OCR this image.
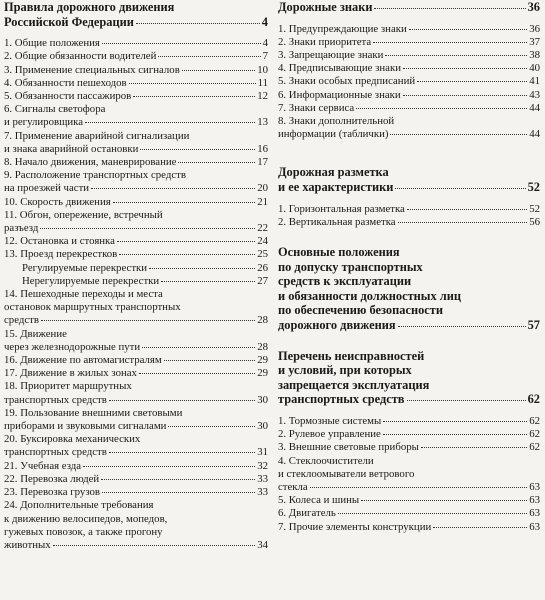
Правила дорожного движения
Российской Федерации	4
1. Общие положения	4
2. Общие обязанности водителей	7
3. Применение специальных сигналов	10
4. Обязанности пешеходов	11
5. Обязанности пассажиров	12
6. Сигналы светофора
и регулировщика	13
7. Применение аварийной сигнализации
и знака аварийной остановки	16
8. Начало движения, маневрирование	17
9. Расположение транспортных средств
на проезжей части	20
10. Скорость движения	21
11. Обгон, опережение, встречный
разъезд	22
12. Остановка и стоянка	24
13. Проезд перекрестков	25
Регулируемые перекрестки	26
Нерегулируемые перекрестки	27
14. Пешеходные переходы и места
остановок маршрутных транспортных
средств	28
15. Движение
через железнодорожные пути	28
16. Движение по автомагистралям	29
17. Движение в жилых зонах	29
18. Приоритет маршрутных
транспортных средств	30
19. Пользование внешними световыми
приборами и звуковыми сигналами	30
20. Буксировка механических
транспортных средств	31
21. Учебная езда	32
22. Перевозка людей	33
23. Перевозка грузов	33
24. Дополнительные требования
к движению велосипедов, мопедов,
гужевых повозок, а также прогону
животных	34
Дорожные знаки	36
1. Предупреждающие знаки	36
2. Знаки приоритета	37
3. Запрещающие знаки	38
4. Предписывающие знаки	40
5. Знаки особых предписаний	41
6. Информационные знаки	43
7. Знаки сервиса	44
8. Знаки дополнительной
информации (таблички)	44
Дорожная разметка
и ее характеристики	52
1. Горизонтальная разметка	52
2. Вертикальная разметка	56
Основные положения
по допуску транспортных
средств к эксплуатации
и обязанности должностных лиц
по обеспечению безопасности
дорожного движения	57
Перечень неисправностей
и условий, при которых
запрещается эксплуатация
транспортных средств	62
1. Тормозные системы	62
2. Рулевое управление	62
3. Внешние световые приборы	62
4. Стеклоочистители
и стеклоомыватели ветрового
стекла	63
5. Колеса и шины	63
6. Двигатель	63
7. Прочие элементы конструкции	63
